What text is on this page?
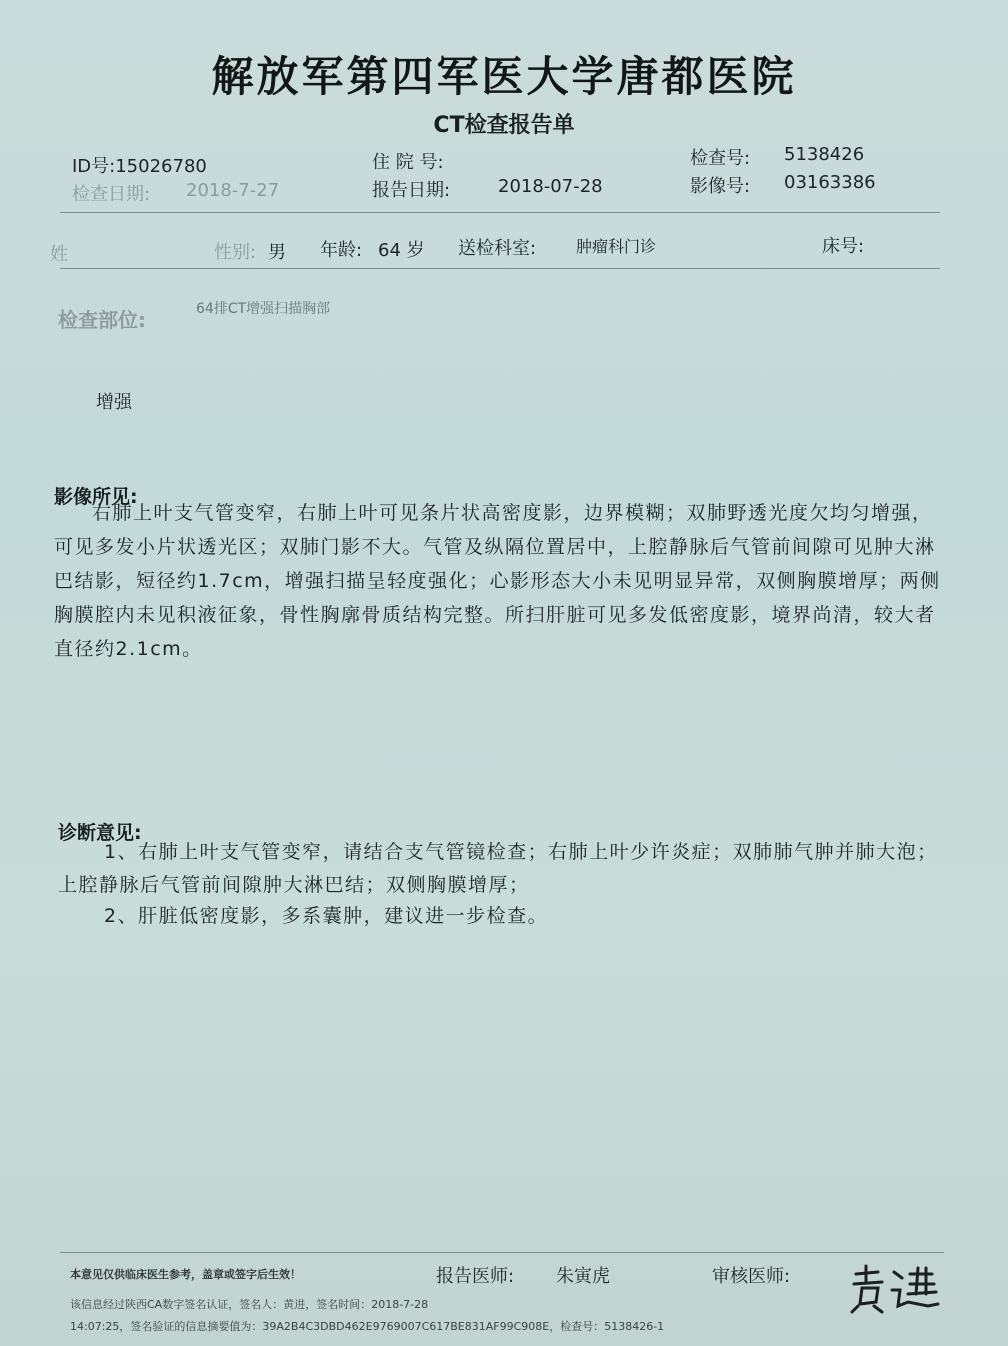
解放军第四军医大学唐都医院
CT检查报告单
ID号:15026780
检查日期: 2018-7-27
住 院 号:
报告日期:	2018-07-28
检查号: 5138426
影像号: 03163386
姓	性别: 男 年龄: 64 岁 送检科室: 肿瘤科门诊	床号:
检查部位:	64排CT增强扫描胸部
增强
影像所见:
右肺上叶支气管变窄，右肺上叶可见条片状高密度影，边界模糊；双肺野透光度欠均匀增强，可见多发小片状透光区；双肺门影不大。气管及纵隔位置居中，上腔静脉后气管前间隙可见肿大淋巴结影，短径约1.7cm，增强扫描呈轻度强化；心影形态大小未见明显异常，双侧胸膜增厚；两侧胸膜腔内未见积液征象，骨性胸廓骨质结构完整。所扫肝脏可见多发低密度影，境界尚清，较大者直径约2.1cm。
诊断意见:
1、右肺上叶支气管变窄，请结合支气管镜检查；右肺上叶少许炎症；双肺肺气肿并肺大泡；上腔静脉后气管前间隙肿大淋巴结；双侧胸膜增厚；
2、肝脏低密度影，多系囊肿，建议进一步检查。
本意见仅供临床医生参考，盖章或签字后生效！	报告医师: 朱寅虎	审核医师:
该信息经过陕西CA数字签名认证，签名人：黄进，签名时间：2018-7-28
14:07:25，签名验证的信息摘要值为：39A2B4C3DBD462E9769007C617BE831AF99C908E，检查号：5138426-1
